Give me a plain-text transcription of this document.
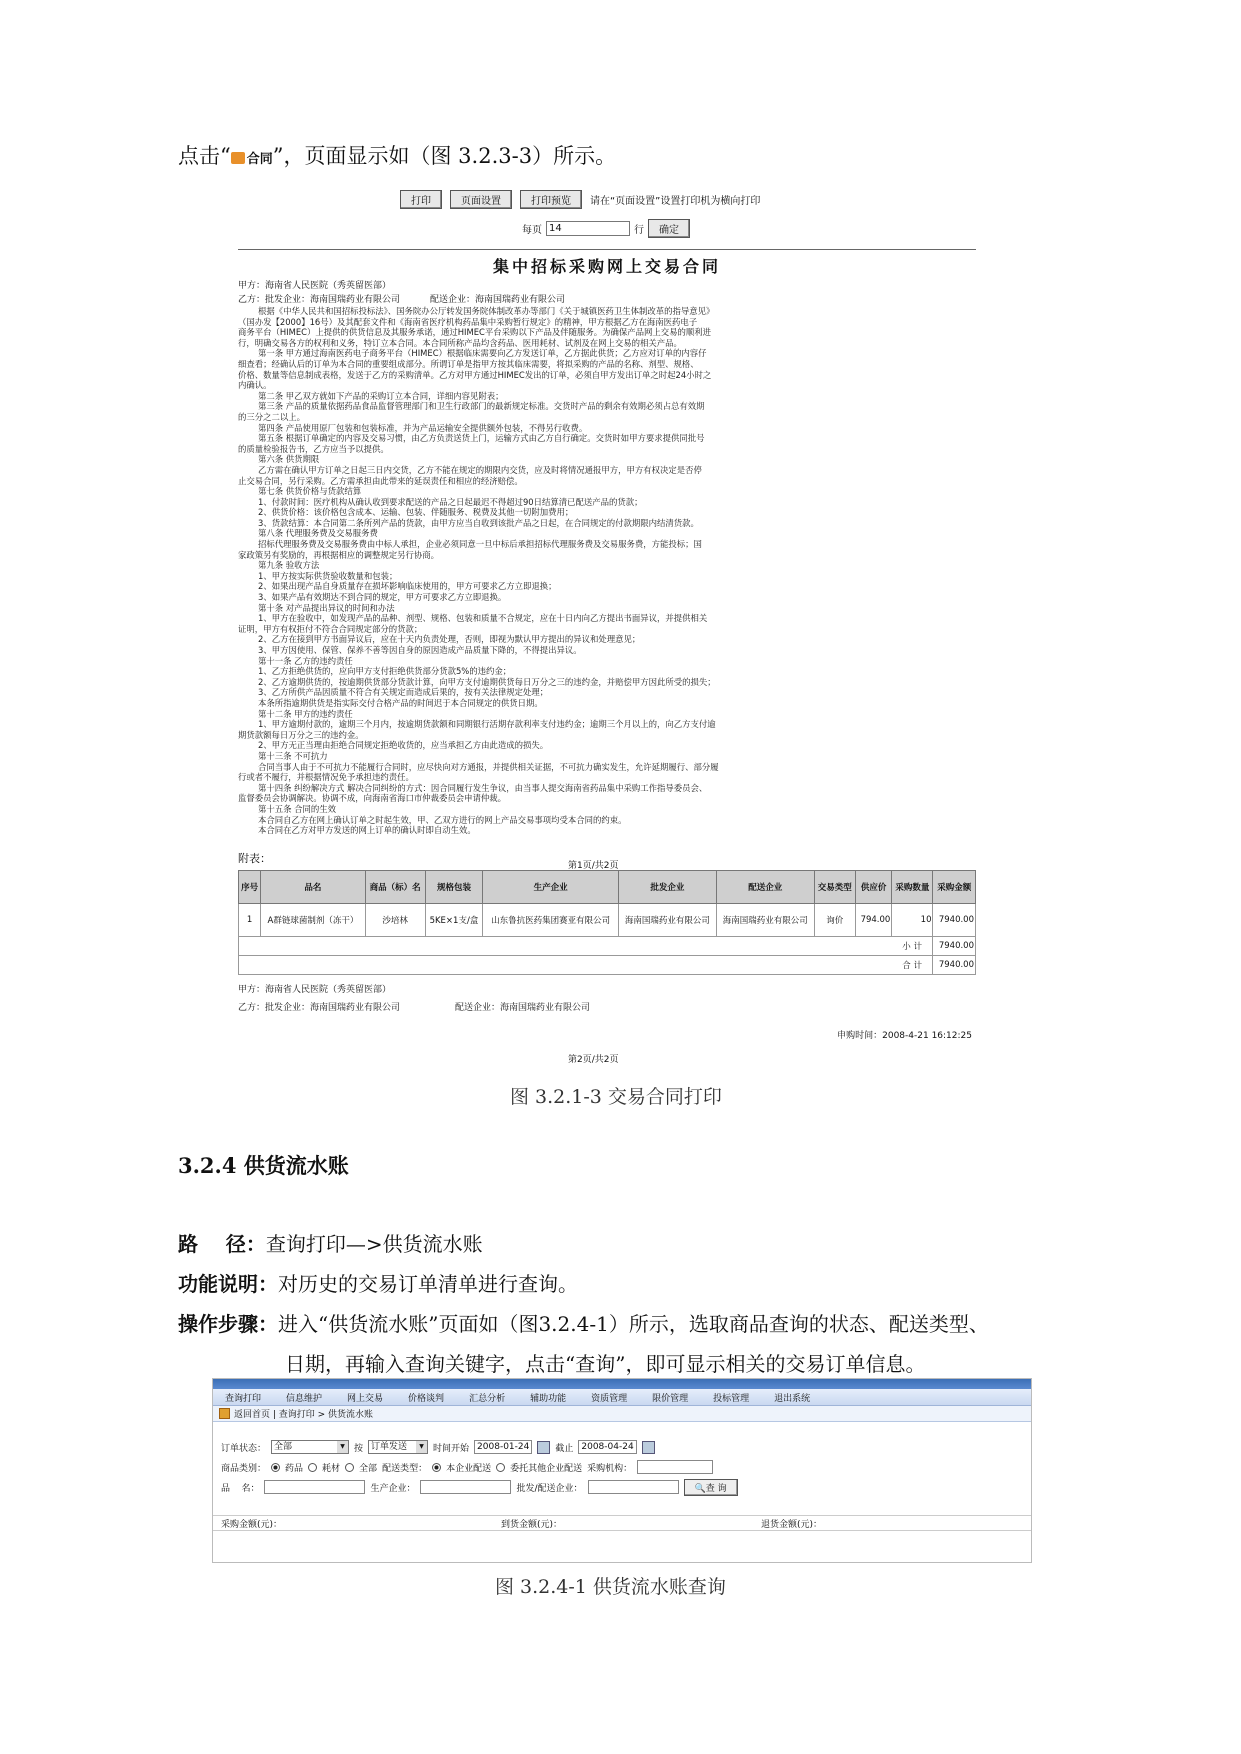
点击“ 合同”，页面显示如（图 3.2.3-3）所示。
打印	页面设置	打印预览	请在“页面设置”设置打印机为横向打印
每页 14	行	确定
集中招标采购网上交易合同
甲方：海南省人民医院（秀英留医部）
乙方：批发企业：海南国瑞药业有限公司	配送企业：海南国瑞药业有限公司
根据《中华人民共和国招标投标法》、国务院办公厅转发国务院体制改革办等部门《关于城镇医药卫生体制改革的指导意见》
（国办发【2000】16号）及其配套文件和《海南省医疗机构药品集中采购暂行规定》的精神，甲方根据乙方在海南医药电子
商务平台（HIMEC）上提供的供货信息及其服务承诺，通过HIMEC平台采购以下产品及伴随服务。为确保产品网上交易的顺利进
行，明确交易各方的权利和义务，特订立本合同。本合同所称产品均含药品、医用耗材、试剂及在网上交易的相关产品。
第一条 甲方通过海南医药电子商务平台（HIMEC）根据临床需要向乙方发送订单，乙方据此供货；乙方应对订单的内容仔
细查看；经确认后的订单为本合同的重要组成部分。所谓订单是指甲方按其临床需要，将拟采购的产品的名称、剂型、规格、
价格、数量等信息制成表格，发送于乙方的采购清单。乙方对甲方通过HIMEC发出的订单，必须自甲方发出订单之时起24小时之
内确认。
第二条 甲乙双方就如下产品的采购订立本合同，详细内容见附表；
第三条 产品的质量依据药品食品监督管理部门和卫生行政部门的最新规定标准。交货时产品的剩余有效期必须占总有效期
的三分之二以上。
第四条 产品使用原厂包装和包装标准，并为产品运输安全提供额外包装，不得另行收费。
第五条 根据订单确定的内容及交易习惯，由乙方负责送货上门，运输方式由乙方自行确定。交货时如甲方要求提供同批号
的质量检验报告书，乙方应当予以提供。
第六条 供货期限
乙方需在确认甲方订单之日起三日内交货，乙方不能在规定的期限内交货，应及时将情况通报甲方，甲方有权决定是否停
止交易合同，另行采购。乙方需承担由此带来的延误责任和相应的经济赔偿。
第七条 供货价格与货款结算
1、付款时间：医疗机构从确认收到要求配送的产品之日起最迟不得超过90日结算清已配送产品的货款；
2、供货价格：该价格包含成本、运输、包装、伴随服务、税费及其他一切附加费用；
3、货款结算：本合同第二条所列产品的货款，由甲方应当自收到该批产品之日起，在合同规定的付款期限内结清货款。
第八条 代理服务费及交易服务费
招标代理服务费及交易服务费由中标人承担，企业必须同意一旦中标后承担招标代理服务费及交易服务费，方能投标；国
家政策另有奖励的，再根据相应的调整规定另行协商。
第九条 验收方法
1、甲方按实际供货验收数量和包装；
2、如果出现产品自身质量存在损坏影响临床使用的，甲方可要求乙方立即退换；
3、如果产品有效期达不到合同的规定，甲方可要求乙方立即退换。
第十条 对产品提出异议的时间和办法
1、甲方在验收中，如发现产品的品种、剂型、规格、包装和质量不合规定，应在十日内向乙方提出书面异议，并提供相关
证明，甲方有权拒付不符合合同规定部分的货款；
2、乙方在接到甲方书面异议后，应在十天内负责处理，否则，即视为默认甲方提出的异议和处理意见；
3、甲方因使用、保管、保养不善等因自身的原因造成产品质量下降的，不得提出异议。
第十一条 乙方的违约责任
1、乙方拒绝供货的，应向甲方支付拒绝供货部分货款5%的违约金；
2、乙方逾期供货的，按逾期供货部分货款计算，向甲方支付逾期供货每日万分之三的违约金，并赔偿甲方因此所受的损失；
3、乙方所供产品因质量不符合有关规定而造成后果的，按有关法律规定处理；
本条所指逾期供货是指实际交付合格产品的时间迟于本合同规定的供货日期。
第十二条 甲方的违约责任
1、甲方逾期付款的，逾期三个月内，按逾期货款额和同期银行活期存款利率支付违约金；逾期三个月以上的，向乙方支付逾
期货款额每日万分之三的违约金。
2、甲方无正当理由拒绝合同规定拒绝收货的，应当承担乙方由此造成的损失。
第十三条 不可抗力
合同当事人由于不可抗力不能履行合同时，应尽快向对方通报，并提供相关证据，不可抗力确实发生，允许延期履行、部分履
行或者不履行，并根据情况免予承担违约责任。
第十四条 纠纷解决方式 解决合同纠纷的方式：因合同履行发生争议，由当事人提交海南省药品集中采购工作指导委员会、
监督委员会协调解决。协调不成，向海南省海口市仲裁委员会申请仲裁。
第十五条 合同的生效
本合同自乙方在网上确认订单之时起生效，甲、乙双方进行的网上产品交易事项均受本合同的约束。
本合同在乙方对甲方发送的网上订单的确认时即自动生效。
附表：
第1页/共2页
序号	品名	商品（标）名	规格包装	生产企业	批发企业	配送企业	交易类型	供应价	采购数量	采购金额
1	A群链球菌制剂（冻干）	沙培林	5KE×1支/盒	山东鲁抗医药集团赛亚有限公司	海南国瑞药业有限公司	海南国瑞药业有限公司	询价	794.00	10	7940.00
									小 计	7940.00
									合 计	7940.00
甲方：海南省人民医院（秀英留医部）
乙方：批发企业：海南国瑞药业有限公司	配送企业：海南国瑞药业有限公司
申购时间：2008-4-21 16:12:25
第2页/共2页
图 3.2.1-3 交易合同打印
3.2.4 供货流水账
路    径：查询打印—>供货流水账
功能说明：对历史的交易订单清单进行查询。
操作步骤：进入“供货流水账”页面如（图3.2.4-1）所示，选取商品查询的状态、配送类型、
日期，再输入查询关键字，点击“查询”，即可显示相关的交易订单信息。
查询打印	信息维护	网上交易	价格谈判	汇总分析	辅助功能	资质管理	限价管理	投标管理	退出系统
返回首页 | 查询打印 > 供货流水账
订单状态： 全部 ▼	按 订单发送 ▼	时间开始 2008-01-24	截止 2008-04-24
商品类别： 药品 耗材 全部 配送类型： 本企业配送 委托其他企业配送 采购机构：
品    名：	生产企业：	批发/配送企业：	🔍查 询
采购金额(元)：	到货金额(元)：	退货金额(元)：
图 3.2.4-1 供货流水账查询
